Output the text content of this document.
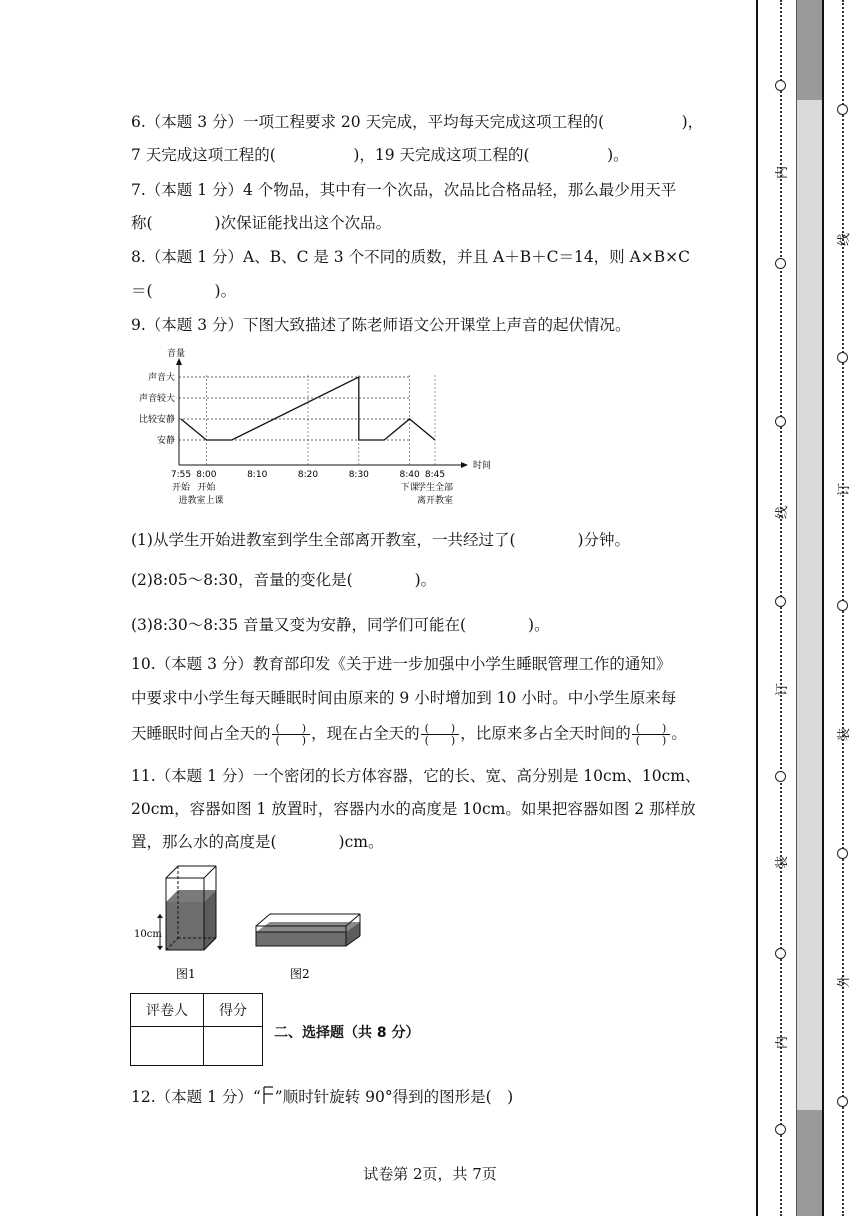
6.（本题 3 分）一项工程要求 20 天完成，平均每天完成这项工程的(　　　　　)，
7 天完成这项工程的(　　　　　)，19 天完成这项工程的(　　　　　)。
7.（本题 1 分）4 个物品，其中有一个次品，次品比合格品轻，那么最少用天平
称(　　　　)次保证能找出这个次品。
8.（本题 1 分）A、B、C 是 3 个不同的质数，并且 A＋B＋C＝14，则 A×B×C
＝(　　　　)。
9.（本题 3 分）下图大致描述了陈老师语文公开课堂上声音的起伏情况。
音量
时间
安静
比较安静
声音较大
声音大
7:55 8:00	8:10	8:20	8:30	8:40 8:45
开始 开始
进教室上课
下课
学生全部
离开教室
(1)从学生开始进教室到学生全部离开教室，一共经过了(　　　　)分钟。
(2)8:05～8:30，音量的变化是(　　　　)。
(3)8:30～8:35 音量又变为安静，同学们可能在(　　　　)。
10.（本题 3 分）教育部印发《关于进一步加强中小学生睡眠管理工作的通知》
中要求中小学生每天睡眠时间由原来的 9 小时增加到 10 小时。中小学生原来每
天睡眠时间占全天的 $\frac{( )}{( )}$ ，现在占全天的 $\frac{( )}{( )}$ ，比原来多占全天时间的 $\frac{( )}{( )}$ 。
11.（本题 1 分）一个密闭的长方体容器，它的长、宽、高分别是 10cm、10cm、
20cm，容器如图 1 放置时，容器内水的高度是 10cm。如果把容器如图 2 那样放
置，那么水的高度是(　　　　)cm。
10cm
图1	图2
评卷人	得分

二、选择题（共 8 分）
12.（本题 1 分）“ ”顺时针旋转 90°得到的图形是(　)
试卷第 2页，共 7页
内
线
订
装
内
线
订
装
外
